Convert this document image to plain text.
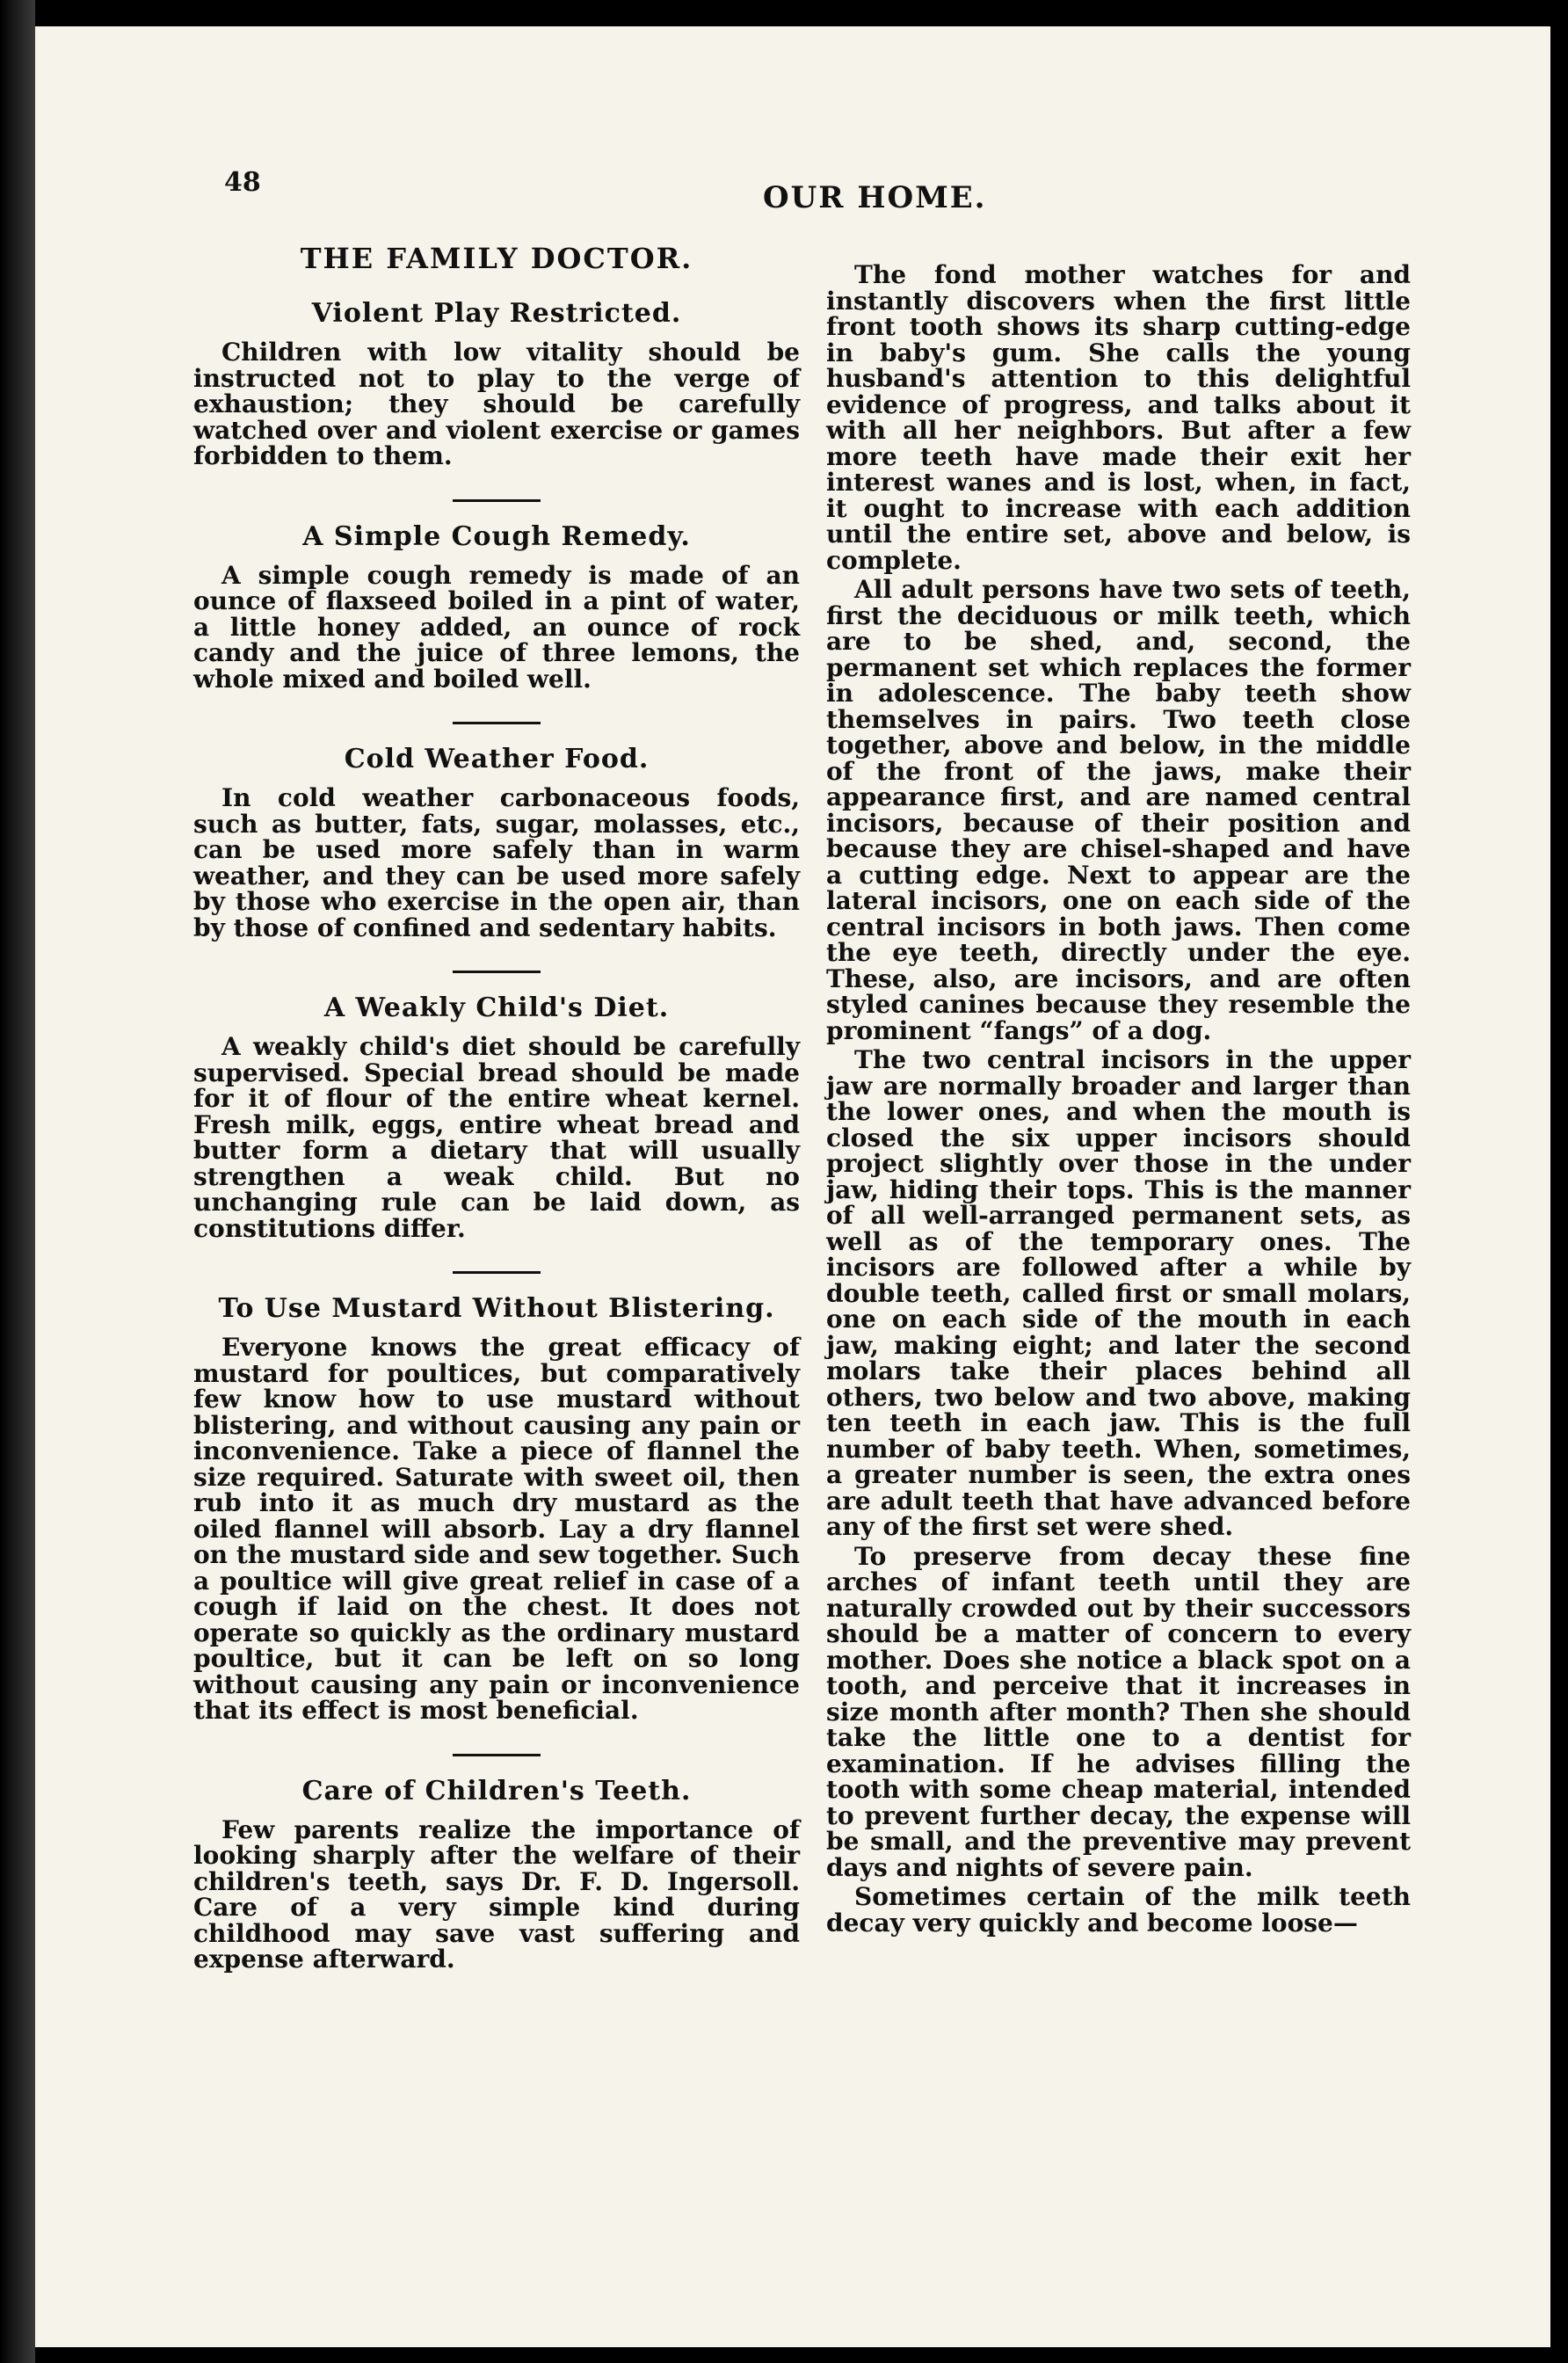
48	OUR HOME.
THE FAMILY DOCTOR.
Violent Play Restricted.

Children with low vitality should be instructed not to play to the verge of exhaustion; they should be carefully watched over and violent exercise or games forbidden to them.

A Simple Cough Remedy.

A simple cough remedy is made of an ounce of flaxseed boiled in a pint of water, a little honey added, an ounce of rock candy and the juice of three lemons, the whole mixed and boiled well.

Cold Weather Food.

In cold weather carbonaceous foods, such as butter, fats, sugar, molasses, etc., can be used more safely than in warm weather, and they can be used more safely by those who exercise in the open air, than by those of confined and sedentary habits.

A Weakly Child's Diet.

A weakly child's diet should be carefully supervised. Special bread should be made for it of flour of the entire wheat kernel. Fresh milk, eggs, entire wheat bread and butter form a dietary that will usually strengthen a weak child. But no unchanging rule can be laid down, as constitutions differ.

To Use Mustard Without Blistering.

Everyone knows the great efficacy of mustard for poultices, but comparatively few know how to use mustard without blistering, and without causing any pain or inconvenience. Take a piece of flannel the size required. Saturate with sweet oil, then rub into it as much dry mustard as the oiled flannel will absorb. Lay a dry flannel on the mustard side and sew together. Such a poultice will give great relief in case of a cough if laid on the chest. It does not operate so quickly as the ordinary mustard poultice, but it can be left on so long without causing any pain or inconvenience that its effect is most beneficial.

Care of Children's Teeth.

Few parents realize the importance of looking sharply after the welfare of their children's teeth, says Dr. F. D. Ingersoll. Care of a very simple kind during childhood may save vast suffering and expense afterward.

The fond mother watches for and instantly discovers when the first little front tooth shows its sharp cutting-edge in baby's gum. She calls the young husband's attention to this delightful evidence of progress, and talks about it with all her neighbors. But after a few more teeth have made their exit her interest wanes and is lost, when, in fact, it ought to increase with each addition until the entire set, above and below, is complete.

All adult persons have two sets of teeth, first the deciduous or milk teeth, which are to be shed, and, second, the permanent set which replaces the former in adolescence. The baby teeth show themselves in pairs. Two teeth close together, above and below, in the middle of the front of the jaws, make their appearance first, and are named central incisors, because of their position and because they are chisel-shaped and have a cutting edge. Next to appear are the lateral incisors, one on each side of the central incisors in both jaws. Then come the eye teeth, directly under the eye. These, also, are incisors, and are often styled canines because they resemble the prominent “fangs” of a dog.

The two central incisors in the upper jaw are normally broader and larger than the lower ones, and when the mouth is closed the six upper incisors should project slightly over those in the under jaw, hiding their tops. This is the manner of all well-arranged permanent sets, as well as of the temporary ones. The incisors are followed after a while by double teeth, called first or small molars, one on each side of the mouth in each jaw, making eight; and later the second molars take their places behind all others, two below and two above, making ten teeth in each jaw. This is the full number of baby teeth. When, sometimes, a greater number is seen, the extra ones are adult teeth that have advanced before any of the first set were shed.

To preserve from decay these fine arches of infant teeth until they are naturally crowded out by their successors should be a matter of concern to every mother. Does she notice a black spot on a tooth, and perceive that it increases in size month after month? Then she should take the little one to a dentist for examination. If he advises filling the tooth with some cheap material, intended to prevent further decay, the expense will be small, and the preventive may prevent days and nights of severe pain.

Sometimes certain of the milk teeth decay very quickly and become loose—
